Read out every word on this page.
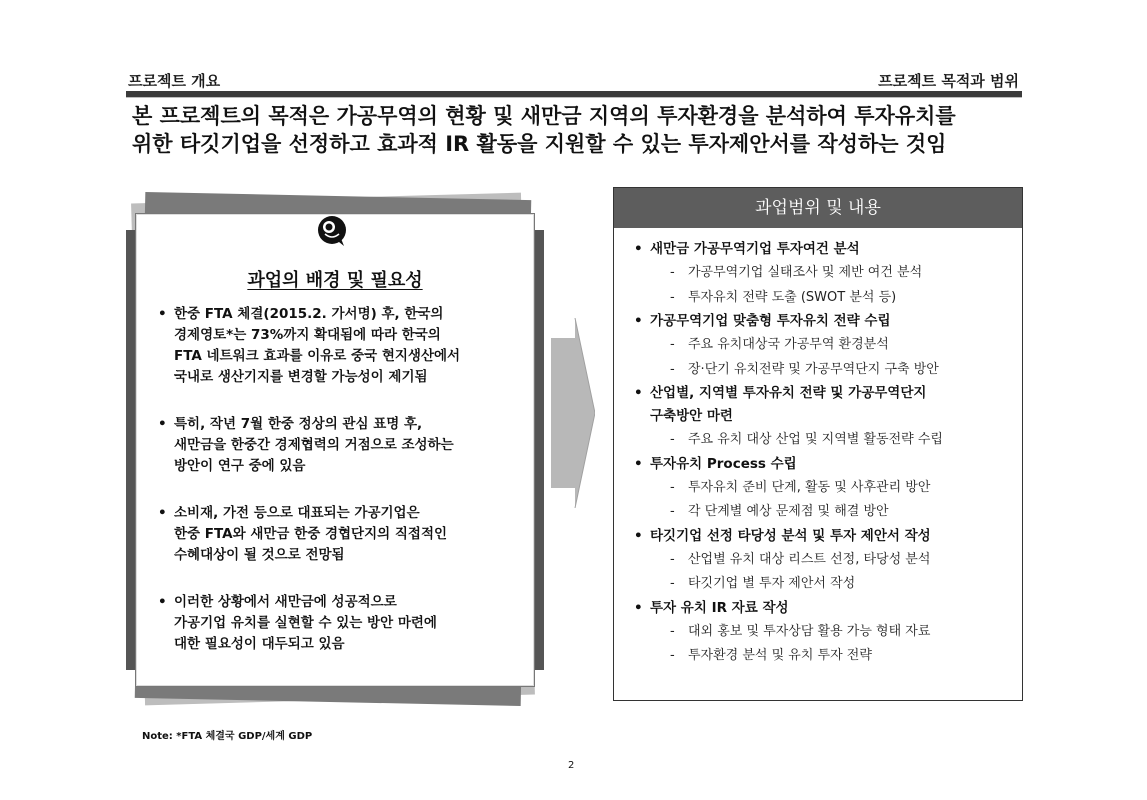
프로젝트 개요	프로젝트 목적과 범위
본 프로젝트의 목적은 가공무역의 현황 및 새만금 지역의 투자환경을 분석하여 투자유치를
위한 타깃기업을 선정하고 효과적 IR 활동을 지원할 수 있는 투자제안서를 작성하는 것임
과업의 배경 및 필요성
• 한중 FTA 체결(2015.2. 가서명) 후, 한국의
경제영토*는 73%까지 확대됨에 따라 한국의
FTA 네트워크 효과를 이유로 중국 현지생산에서
국내로 생산기지를 변경할 가능성이 제기됨
• 특히, 작년 7월 한중 정상의 관심 표명 후,
새만금을 한중간 경제협력의 거점으로 조성하는
방안이 연구 중에 있음
• 소비재, 가전 등으로 대표되는 가공기업은
한중 FTA와 새만금 한중 경협단지의 직접적인
수혜대상이 될 것으로 전망됨
• 이러한 상황에서 새만금에 성공적으로
가공기업 유치를 실현할 수 있는 방안 마련에
대한 필요성이 대두되고 있음
과업범위 및 내용
• 새만금 가공무역기업 투자여건 분석
- 가공무역기업 실태조사 및 제반 여건 분석
- 투자유치 전략 도출 (SWOT 분석 등)
• 가공무역기업 맞춤형 투자유치 전략 수립
- 주요 유치대상국 가공무역 환경분석
- 장·단기 유치전략 및 가공무역단지 구축 방안
• 산업별, 지역별 투자유치 전략 및 가공무역단지
구축방안 마련
- 주요 유치 대상 산업 및 지역별 활동전략 수립
• 투자유치 Process 수립
- 투자유치 준비 단계, 활동 및 사후관리 방안
- 각 단계별 예상 문제점 및 해결 방안
• 타깃기업 선정 타당성 분석 및 투자 제안서 작성
- 산업별 유치 대상 리스트 선정, 타당성 분석
- 타깃기업 별 투자 제안서 작성
• 투자 유치 IR 자료 작성
- 대외 홍보 및 투자상담 활용 가능 형태 자료
- 투자환경 분석 및 유치 투자 전략
Note: *FTA 체결국 GDP/세계 GDP
2
